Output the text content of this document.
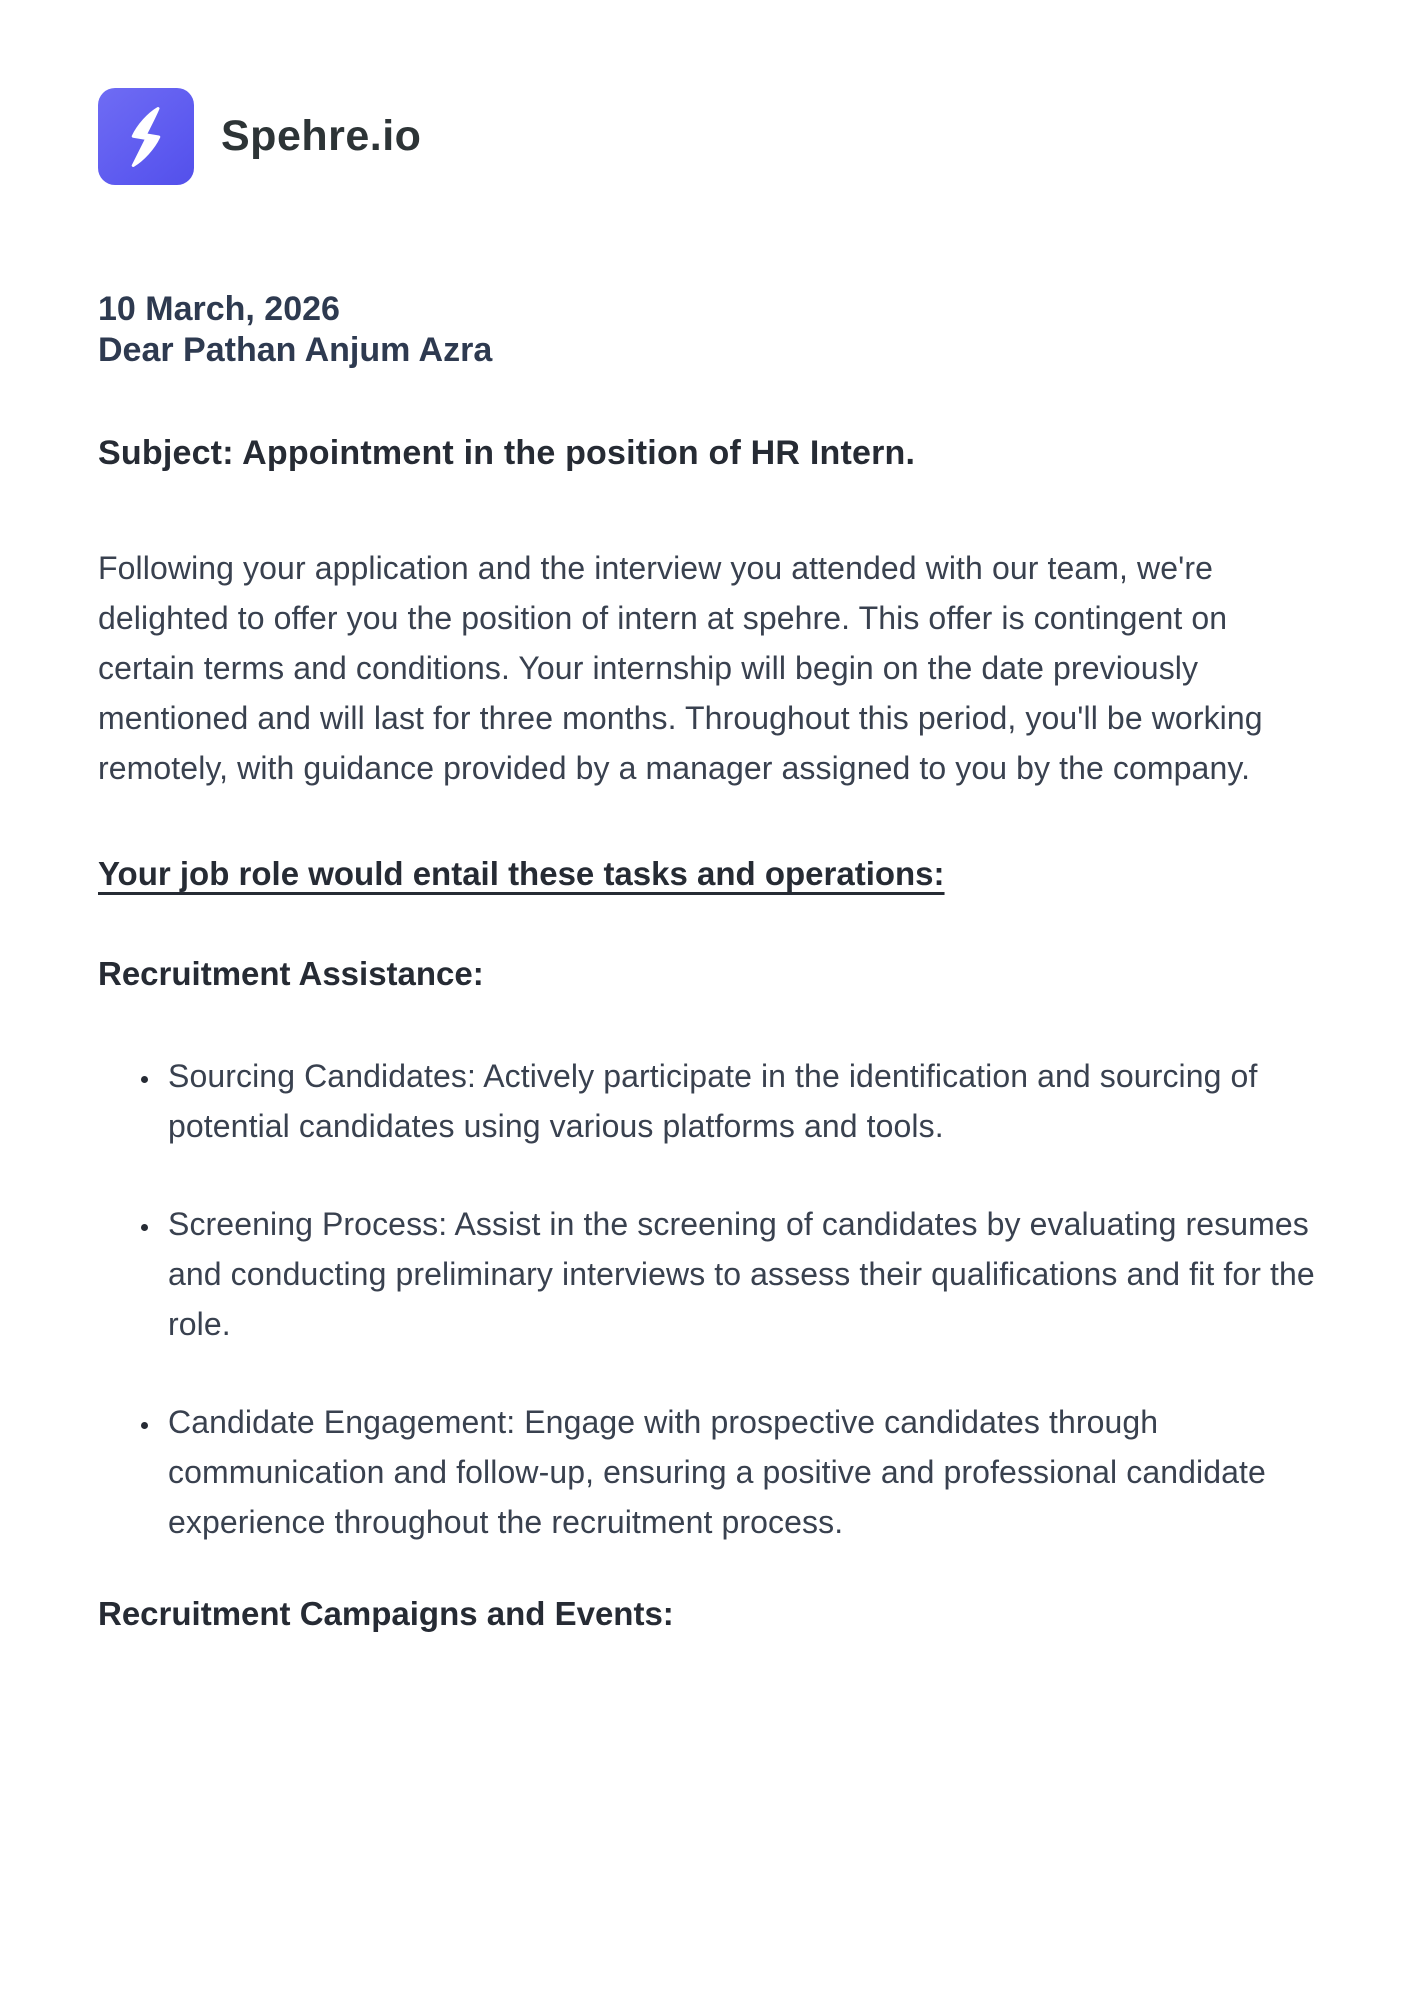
Spehre.io
10 March, 2026
Dear Pathan Anjum Azra
Subject: Appointment in the position of HR Intern.

Following your application and the interview you attended with our team, we're delighted to offer you the position of intern at spehre. This offer is contingent on certain terms and conditions. Your internship will begin on the date previously mentioned and will last for three months. Throughout this period, you'll be working remotely, with guidance provided by a manager assigned to you by the company.

Your job role would entail these tasks and operations:
Recruitment Assistance:
• Sourcing Candidates: Actively participate in the identification and sourcing of potential candidates using various platforms and tools.
• Screening Process: Assist in the screening of candidates by evaluating resumes and conducting preliminary interviews to assess their qualifications and fit for the role.
• Candidate Engagement: Engage with prospective candidates through communication and follow-up, ensuring a positive and professional candidate experience throughout the recruitment process.
Recruitment Campaigns and Events:
